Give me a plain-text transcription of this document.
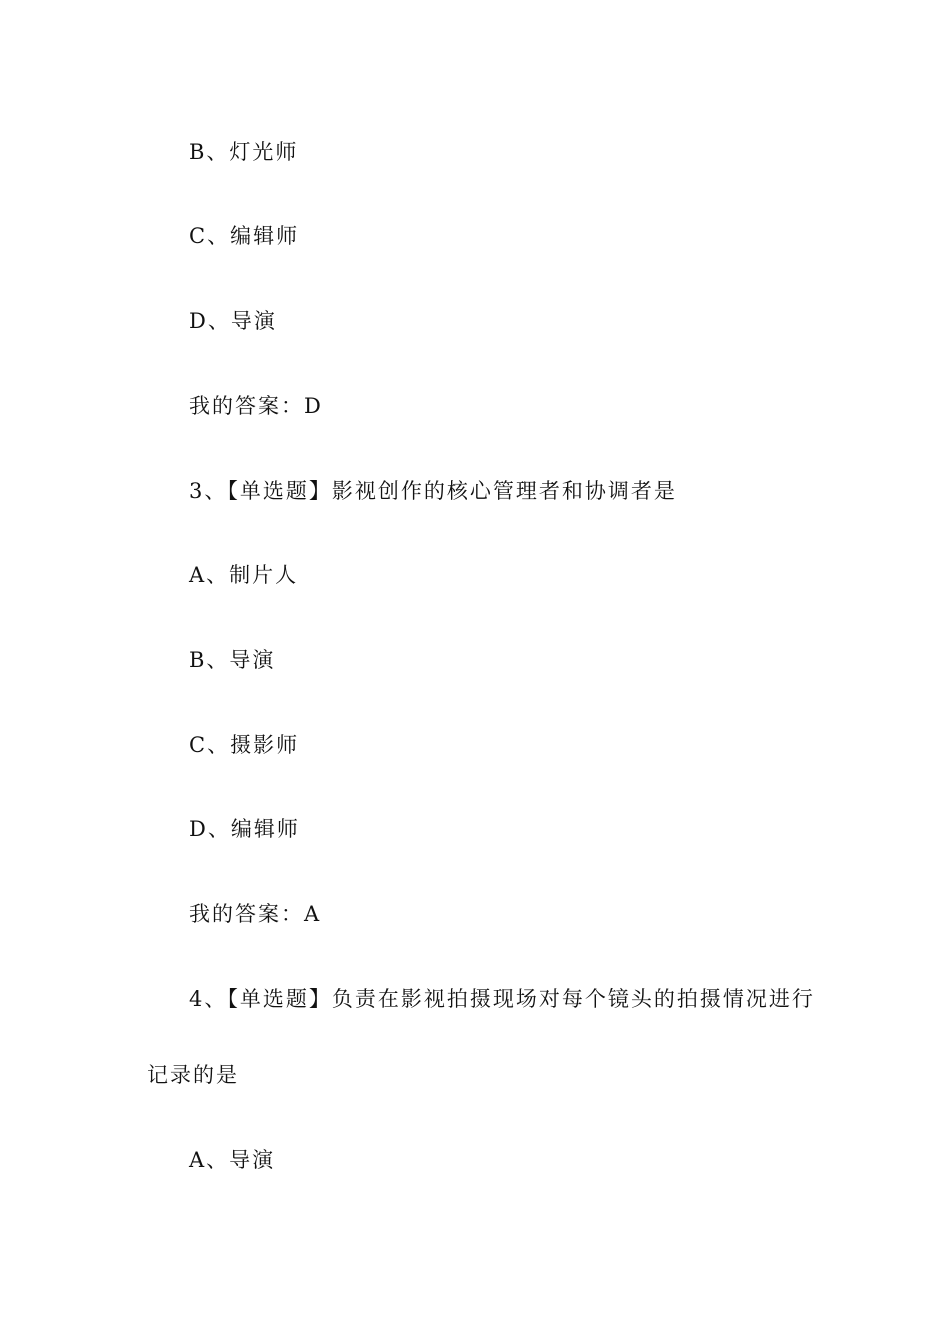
B、灯光师
C、编辑师
D、导演
我的答案：D
3、【单选题】影视创作的核心管理者和协调者是
A、制片人
B、导演
C、摄影师
D、编辑师
我的答案：A
4、【单选题】负责在影视拍摄现场对每个镜头的拍摄情况进行
记录的是
A、导演
